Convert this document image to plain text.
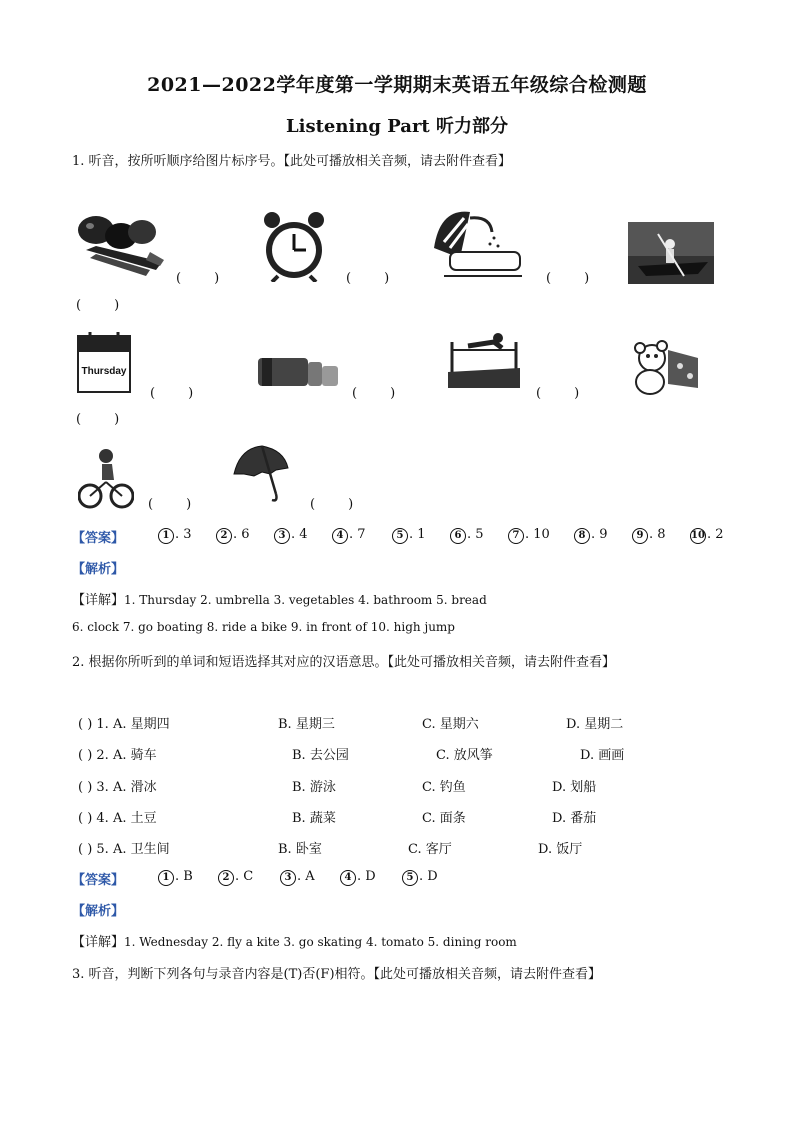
2021—2022学年度第一学期期末英语五年级综合检测题
Listening Part 听力部分
1. 听音，按所听顺序给图片标序号。【此处可播放相关音频，请去附件查看】
(        )	(        )	(        )
(        )
Thursday
(        )	(        )	(        )
(        )
(        )	(        )
【答案】	1 . 3	2 . 6	3 . 4	4 . 7	5 . 1	6 . 5	7 . 10	8 . 9	9 . 8	10 . 2
【解析】
【详解】1. Thursday 2. umbrella 3. vegetables 4. bathroom 5. bread
6. clock 7. go boating 8. ride a bike 9. in front of 10. high jump
2. 根据你所听到的单词和短语选择其对应的汉语意思。【此处可播放相关音频，请去附件查看】
( ) 1. A. 星期四	B. 星期三	C. 星期六	D. 星期二
( ) 2. A. 骑车	B. 去公园	C. 放风筝	D. 画画
( ) 3. A. 滑冰	B. 游泳	C. 钓鱼	D. 划船
( ) 4. A. 土豆	B. 蔬菜	C. 面条	D. 番茄
( ) 5. A. 卫生间	B. 卧室	C. 客厅	D. 饭厅
【答案】	1 . B	2 . C	3 . A	4 . D	5 . D
【解析】
【详解】1. Wednesday 2. fly a kite 3. go skating 4. tomato 5. dining room
3. 听音，判断下列各句与录音内容是(T)否(F)相符。【此处可播放相关音频，请去附件查看】
